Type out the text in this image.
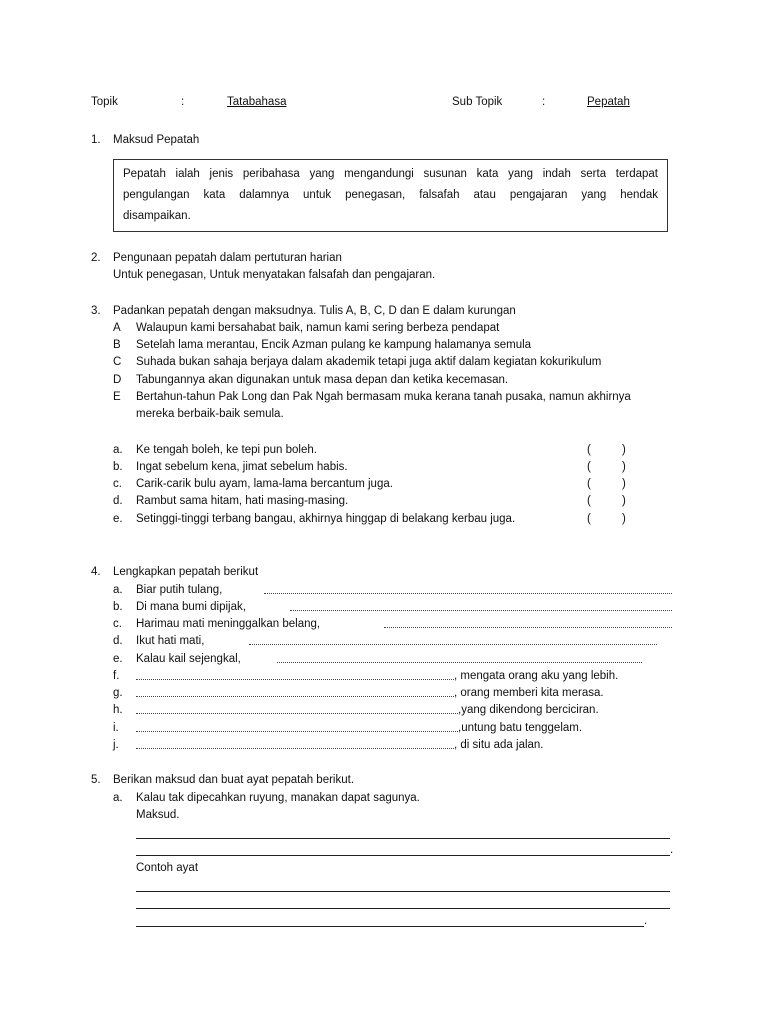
Topik	:	Tatabahasa	Sub Topik	:	Pepatah
1. Maksud Pepatah
Pepatah ialah jenis peribahasa yang mengandungi susunan kata yang indah serta terdapat
pengulangan kata dalamnya untuk penegasan, falsafah atau pengajaran yang hendak
disampaikan.
2. Pengunaan pepatah dalam pertuturan harian
Untuk penegasan, Untuk menyatakan falsafah dan pengajaran.
3. Padankan pepatah dengan maksudnya. Tulis A, B, C, D dan E dalam kurungan
A Walaupun kami bersahabat baik, namun kami sering berbeza pendapat
B Setelah lama merantau, Encik Azman pulang ke kampung halamanya semula
C Suhada bukan sahaja berjaya dalam akademik tetapi juga aktif dalam kegiatan kokurikulum
D Tabungannya akan digunakan untuk masa depan dan ketika kecemasan.
E Bertahun-tahun Pak Long dan Pak Ngah bermasam muka kerana tanah pusaka, namun akhirnya
mereka berbaik-baik semula.
a. Ke tengah boleh, ke tepi pun boleh.	(	)
b. Ingat sebelum kena, jimat sebelum habis.	(	)
c. Carik-carik bulu ayam, lama-lama bercantum juga.	(	)
d. Rambut sama hitam, hati masing-masing.	(	)
e. Setinggi-tinggi terbang bangau, akhirnya hinggap di belakang kerbau juga.	(	)
4. Lengkapkan pepatah berikut
a. Biar putih tulang,
b. Di mana bumi dipijak,
c. Harimau mati meninggalkan belang,
d. Ikut hati mati,
e. Kalau kail sejengkal,
f.	, mengata orang aku yang lebih.
g.	, orang memberi kita merasa.
h.	,yang dikendong berciciran.
i.	,untung batu tenggelam.
j.	, di situ ada jalan.
5. Berikan maksud dan buat ayat pepatah berikut.
a. Kalau tak dipecahkan ruyung, manakan dapat sagunya.
Maksud.
.
Contoh ayat
.
